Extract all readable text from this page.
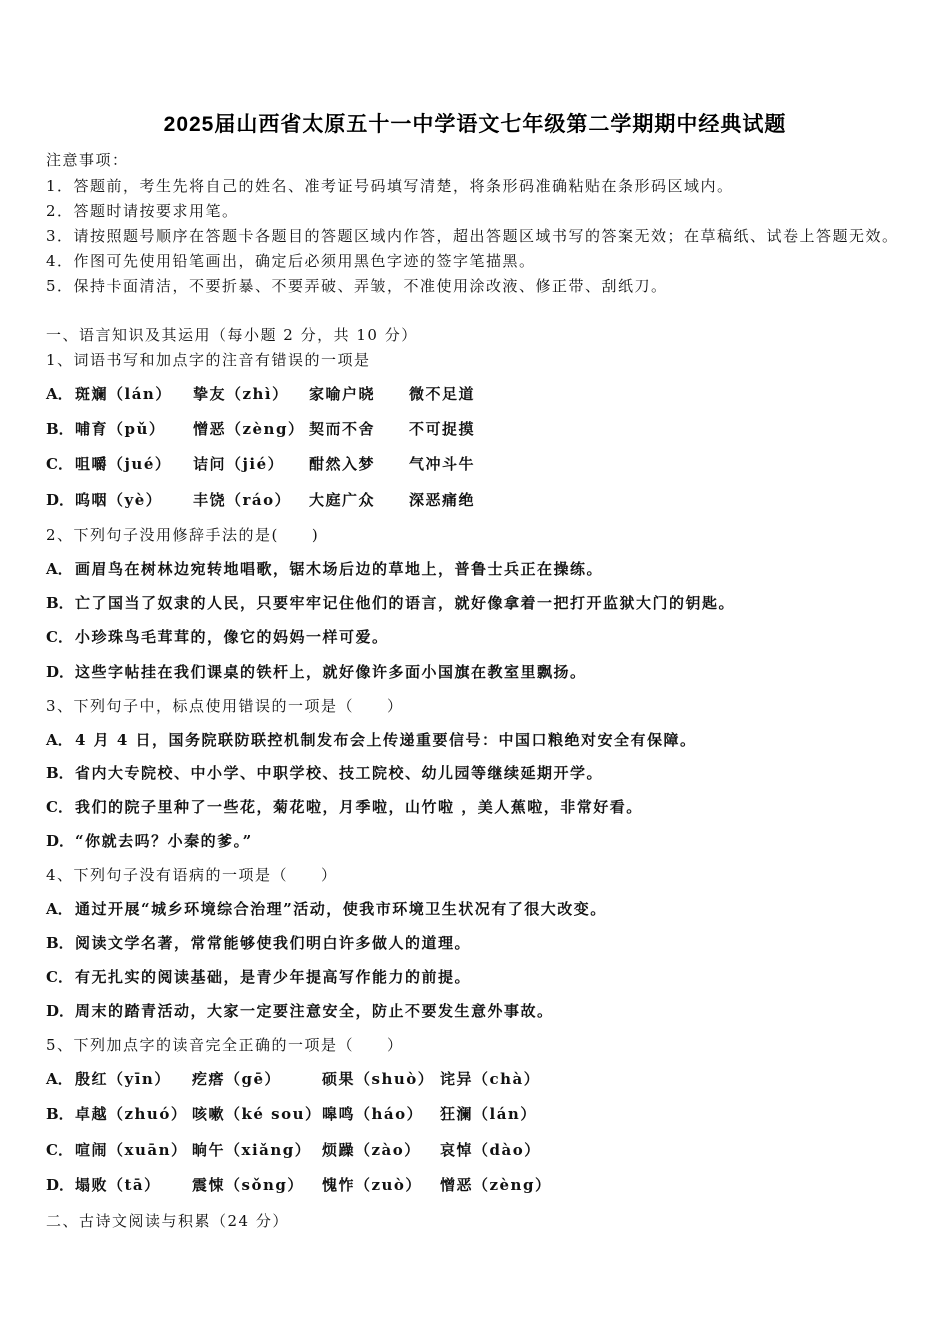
2025届山西省太原五十一中学语文七年级第二学期期中经典试题
注意事项：
1．答题前，考生先将自己的姓名、准考证号码填写清楚，将条形码准确粘贴在条形码区域内。
2．答题时请按要求用笔。
3．请按照题号顺序在答题卡各题目的答题区域内作答，超出答题区域书写的答案无效；在草稿纸、试卷上答题无效。
4．作图可先使用铅笔画出，确定后必须用黑色字迹的签字笔描黑。
5．保持卡面清洁，不要折暴、不要弄破、弄皱，不准使用涂改液、修正带、刮纸刀。
一、语言知识及其运用（每小题 2 分，共 10 分）
1、词语书写和加点字的注音有错误的一项是
A． 斑斓（lán） 挚友（zhì） 家喻户晓 微不足道
B． 哺育（pǔ） 憎恶（zèng） 契而不舍 不可捉摸
C． 咀嚼（jué） 诘问（jié） 酣然入梦 气冲斗牛
D． 呜咽（yè） 丰饶（ráo） 大庭广众 深恶痛绝
2、下列句子没用修辞手法的是(　　)
A． 画眉鸟在树林边宛转地唱歌，锯木场后边的草地上，普鲁士兵正在操练。
B．亡了国当了奴隶的人民，只要牢牢记住他们的语言，就好像拿着一把打开监狱大门的钥匙。
C． 小珍珠鸟毛茸茸的，像它的妈妈一样可爱。
D．这些字帖挂在我们课桌的铁杆上，就好像许多面小国旗在教室里飘扬。
3、下列句子中，标点使用错误的一项是（　　）
A． 4 月 4 日，国务院联防联控机制发布会上传递重要信号：中国口粮绝对安全有保障。
B．省内大专院校、中小学、中职学校、技工院校、幼儿园等继续延期开学。
C． 我们的院子里种了一些花，菊花啦，月季啦，山竹啦 ，美人蕉啦，非常好看。
D．“你就去吗？小秦的爹。”
4、下列句子没有语病的一项是（　　）
A． 通过开展“城乡环境综合治理”活动，使我市环境卫生状况有了很大改变。
B．阅读文学名著，常常能够使我们明白许多做人的道理。
C． 有无扎实的阅读基础，是青少年提高写作能力的前提。
D．周末的踏青活动，大家一定要注意安全，防止不要发生意外事故。
5、下列加点字的读音完全正确的一项是（　　）
A． 殷红（yīn） 疙瘩（gē）	硕果（shuò） 诧异（chà）
B． 卓越（zhuó） 咳嗽（ké sou） 嗥鸣（háo） 狂澜（lán）
C． 喧闹（xuān） 晌午（xiǎng） 烦躁（zào） 哀悼（dào）
D． 塌败（tā） 震悚（sǒng） 愧怍（zuò） 憎恶（zèng）
二、古诗文阅读与积累（24 分）
